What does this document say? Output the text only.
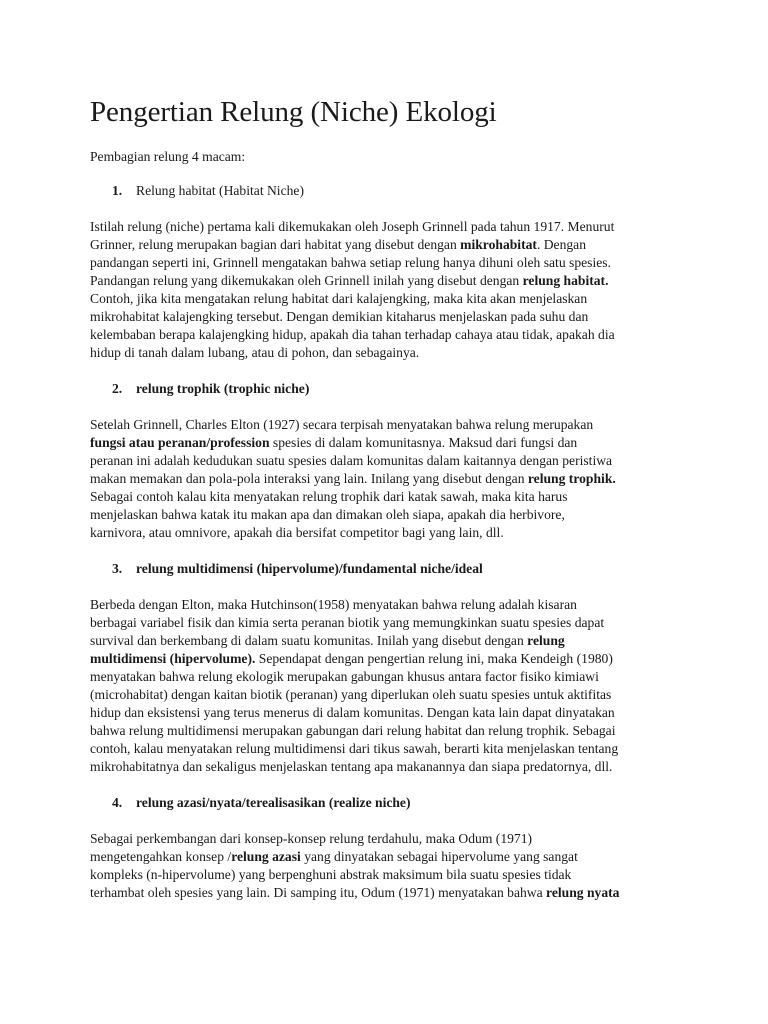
Pengertian Relung (Niche) Ekologi
Pembagian relung 4 macam:
1. Relung habitat (Habitat Niche)
Istilah relung (niche) pertama kali dikemukakan oleh Joseph Grinnell pada tahun 1917. Menurut
Grinner, relung merupakan bagian dari habitat yang disebut dengan mikrohabitat. Dengan
pandangan seperti ini, Grinnell mengatakan bahwa setiap relung hanya dihuni oleh satu spesies.
Pandangan relung yang dikemukakan oleh Grinnell inilah yang disebut dengan relung habitat.
Contoh, jika kita mengatakan relung habitat dari kalajengking, maka kita akan menjelaskan
mikrohabitat kalajengking tersebut. Dengan demikian kitaharus menjelaskan pada suhu dan
kelembaban berapa kalajengking hidup, apakah dia tahan terhadap cahaya atau tidak, apakah dia
hidup di tanah dalam lubang, atau di pohon, dan sebagainya.
2. relung trophik (trophic niche)
Setelah Grinnell, Charles Elton (1927) secara terpisah menyatakan bahwa relung merupakan
fungsi atau peranan/profession spesies di dalam komunitasnya. Maksud dari fungsi dan
peranan ini adalah kedudukan suatu spesies dalam komunitas dalam kaitannya dengan peristiwa
makan memakan dan pola-pola interaksi yang lain. Inilang yang disebut dengan relung trophik.
Sebagai contoh kalau kita menyatakan relung trophik dari katak sawah, maka kita harus
menjelaskan bahwa katak itu makan apa dan dimakan oleh siapa, apakah dia herbivore,
karnivora, atau omnivore, apakah dia bersifat competitor bagi yang lain, dll.
3. relung multidimensi (hipervolume)/fundamental niche/ideal
Berbeda dengan Elton, maka Hutchinson(1958) menyatakan bahwa relung adalah kisaran
berbagai variabel fisik dan kimia serta peranan biotik yang memungkinkan suatu spesies dapat
survival dan berkembang di dalam suatu komunitas. Inilah yang disebut dengan relung
multidimensi (hipervolume). Sependapat dengan pengertian relung ini, maka Kendeigh (1980)
menyatakan bahwa relung ekologik merupakan gabungan khusus antara factor fisiko kimiawi
(microhabitat) dengan kaitan biotik (peranan) yang diperlukan oleh suatu spesies untuk aktifitas
hidup dan eksistensi yang terus menerus di dalam komunitas. Dengan kata lain dapat dinyatakan
bahwa relung multidimensi merupakan gabungan dari relung habitat dan relung trophik. Sebagai
contoh, kalau menyatakan relung multidimensi dari tikus sawah, berarti kita menjelaskan tentang
mikrohabitatnya dan sekaligus menjelaskan tentang apa makanannya dan siapa predatornya, dll.
4. relung azasi/nyata/terealisasikan (realize niche)
Sebagai perkembangan dari konsep-konsep relung terdahulu, maka Odum (1971)
mengetengahkan konsep /relung azasi yang dinyatakan sebagai hipervolume yang sangat
kompleks (n-hipervolume) yang berpenghuni abstrak maksimum bila suatu spesies tidak
terhambat oleh spesies yang lain. Di samping itu, Odum (1971) menyatakan bahwa relung nyata
